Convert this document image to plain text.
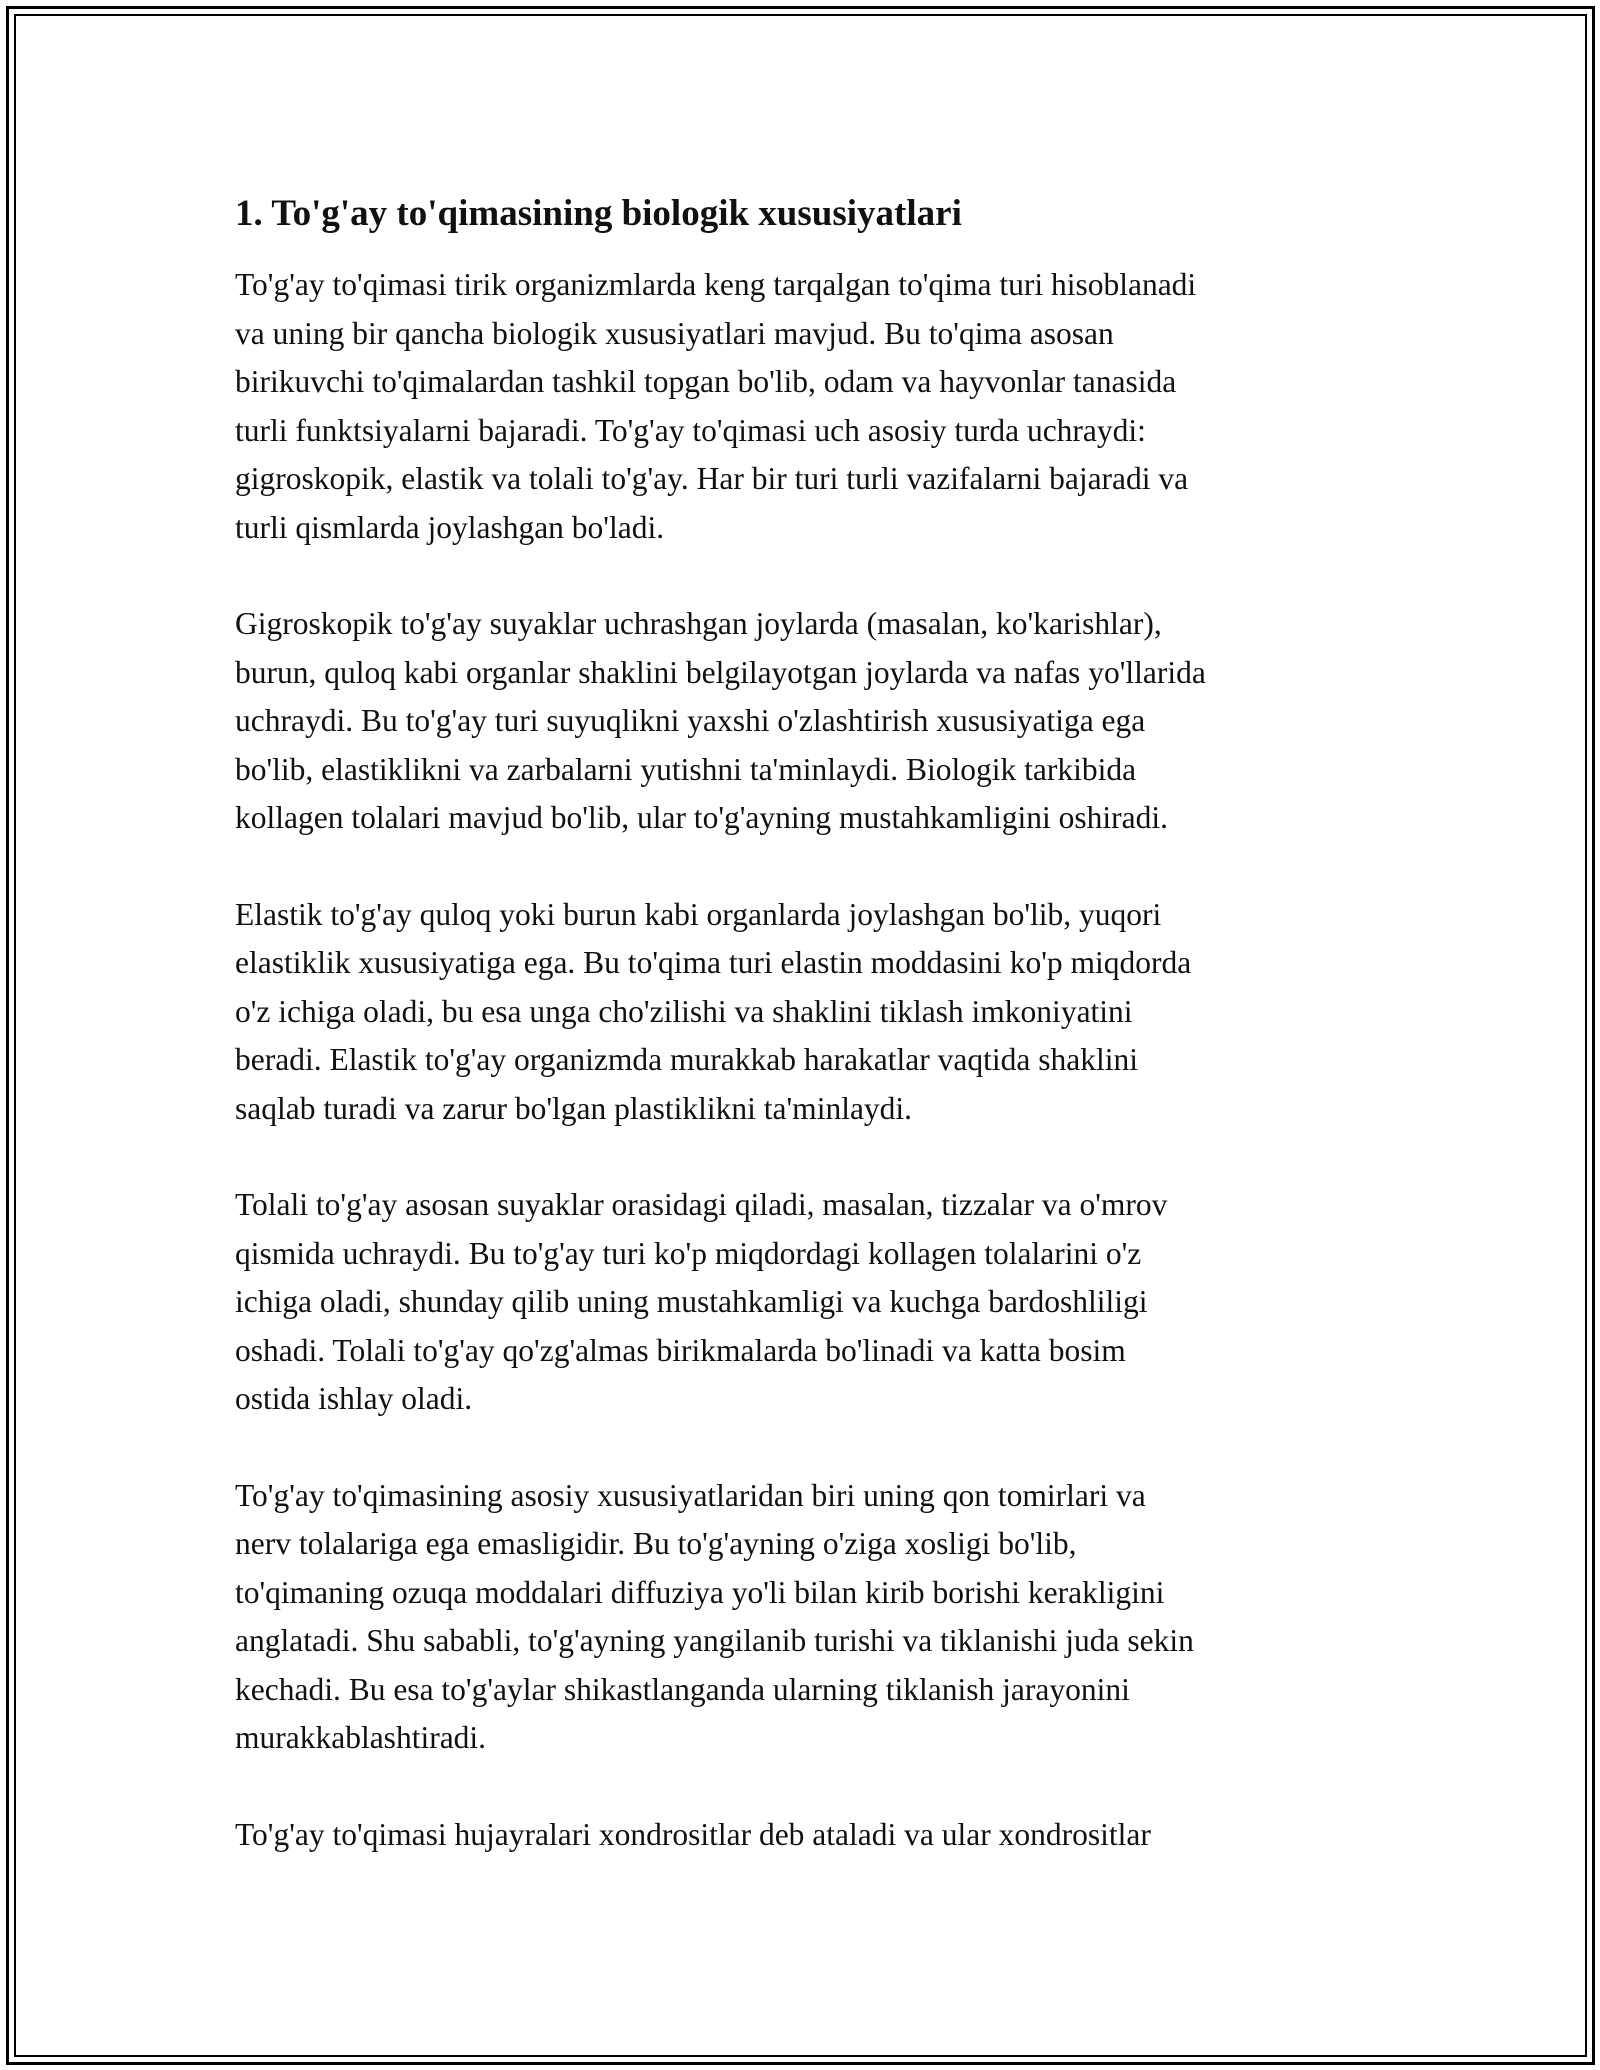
1. To'g'ay to'qimasining biologik xususiyatlari
To'g'ay to'qimasi tirik organizmlarda keng tarqalgan to'qima turi hisoblanadi
va uning bir qancha biologik xususiyatlari mavjud. Bu to'qima asosan
birikuvchi to'qimalardan tashkil topgan bo'lib, odam va hayvonlar tanasida
turli funktsiyalarni bajaradi. To'g'ay to'qimasi uch asosiy turda uchraydi:
gigroskopik, elastik va tolali to'g'ay. Har bir turi turli vazifalarni bajaradi va
turli qismlarda joylashgan bo'ladi.
Gigroskopik to'g'ay suyaklar uchrashgan joylarda (masalan, ko'karishlar),
burun, quloq kabi organlar shaklini belgilayotgan joylarda va nafas yo'llarida
uchraydi. Bu to'g'ay turi suyuqlikni yaxshi o'zlashtirish xususiyatiga ega
bo'lib, elastiklikni va zarbalarni yutishni ta'minlaydi. Biologik tarkibida
kollagen tolalari mavjud bo'lib, ular to'g'ayning mustahkamligini oshiradi.
Elastik to'g'ay quloq yoki burun kabi organlarda joylashgan bo'lib, yuqori
elastiklik xususiyatiga ega. Bu to'qima turi elastin moddasini ko'p miqdorda
o'z ichiga oladi, bu esa unga cho'zilishi va shaklini tiklash imkoniyatini
beradi. Elastik to'g'ay organizmda murakkab harakatlar vaqtida shaklini
saqlab turadi va zarur bo'lgan plastiklikni ta'minlaydi.
Tolali to'g'ay asosan suyaklar orasidagi qiladi, masalan, tizzalar va o'mrov
qismida uchraydi. Bu to'g'ay turi ko'p miqdordagi kollagen tolalarini o'z
ichiga oladi, shunday qilib uning mustahkamligi va kuchga bardoshliligi
oshadi. Tolali to'g'ay qo'zg'almas birikmalarda bo'linadi va katta bosim
ostida ishlay oladi.
To'g'ay to'qimasining asosiy xususiyatlaridan biri uning qon tomirlari va
nerv tolalariga ega emasligidir. Bu to'g'ayning o'ziga xosligi bo'lib,
to'qimaning ozuqa moddalari diffuziya yo'li bilan kirib borishi kerakligini
anglatadi. Shu sababli, to'g'ayning yangilanib turishi va tiklanishi juda sekin
kechadi. Bu esa to'g'aylar shikastlanganda ularning tiklanish jarayonini
murakkablashtiradi.
To'g'ay to'qimasi hujayralari xondrositlar deb ataladi va ular xondrositlar
